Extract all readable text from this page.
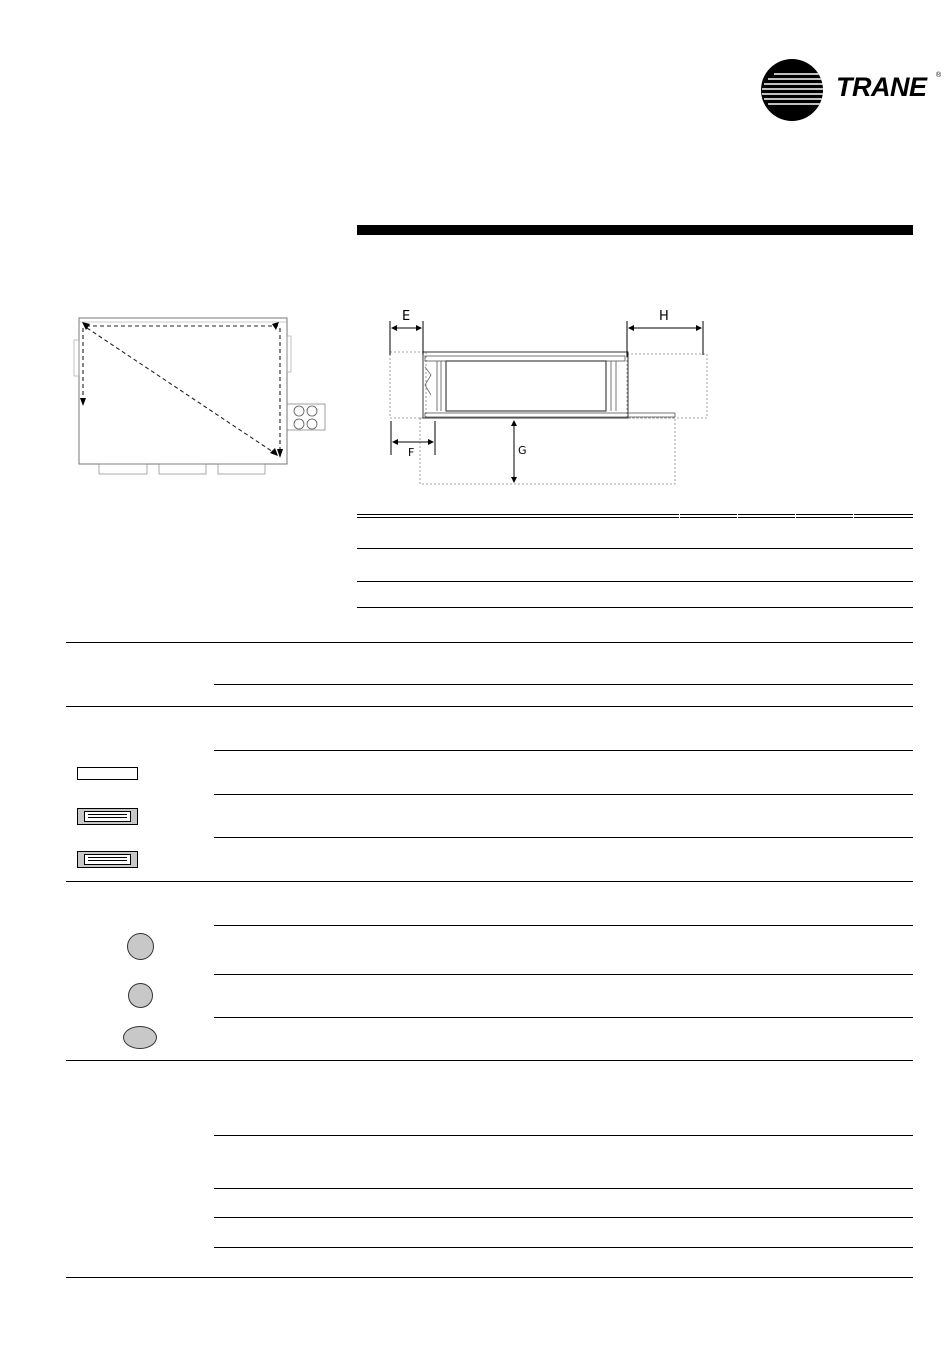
TRANE ®
E	H
F	G
